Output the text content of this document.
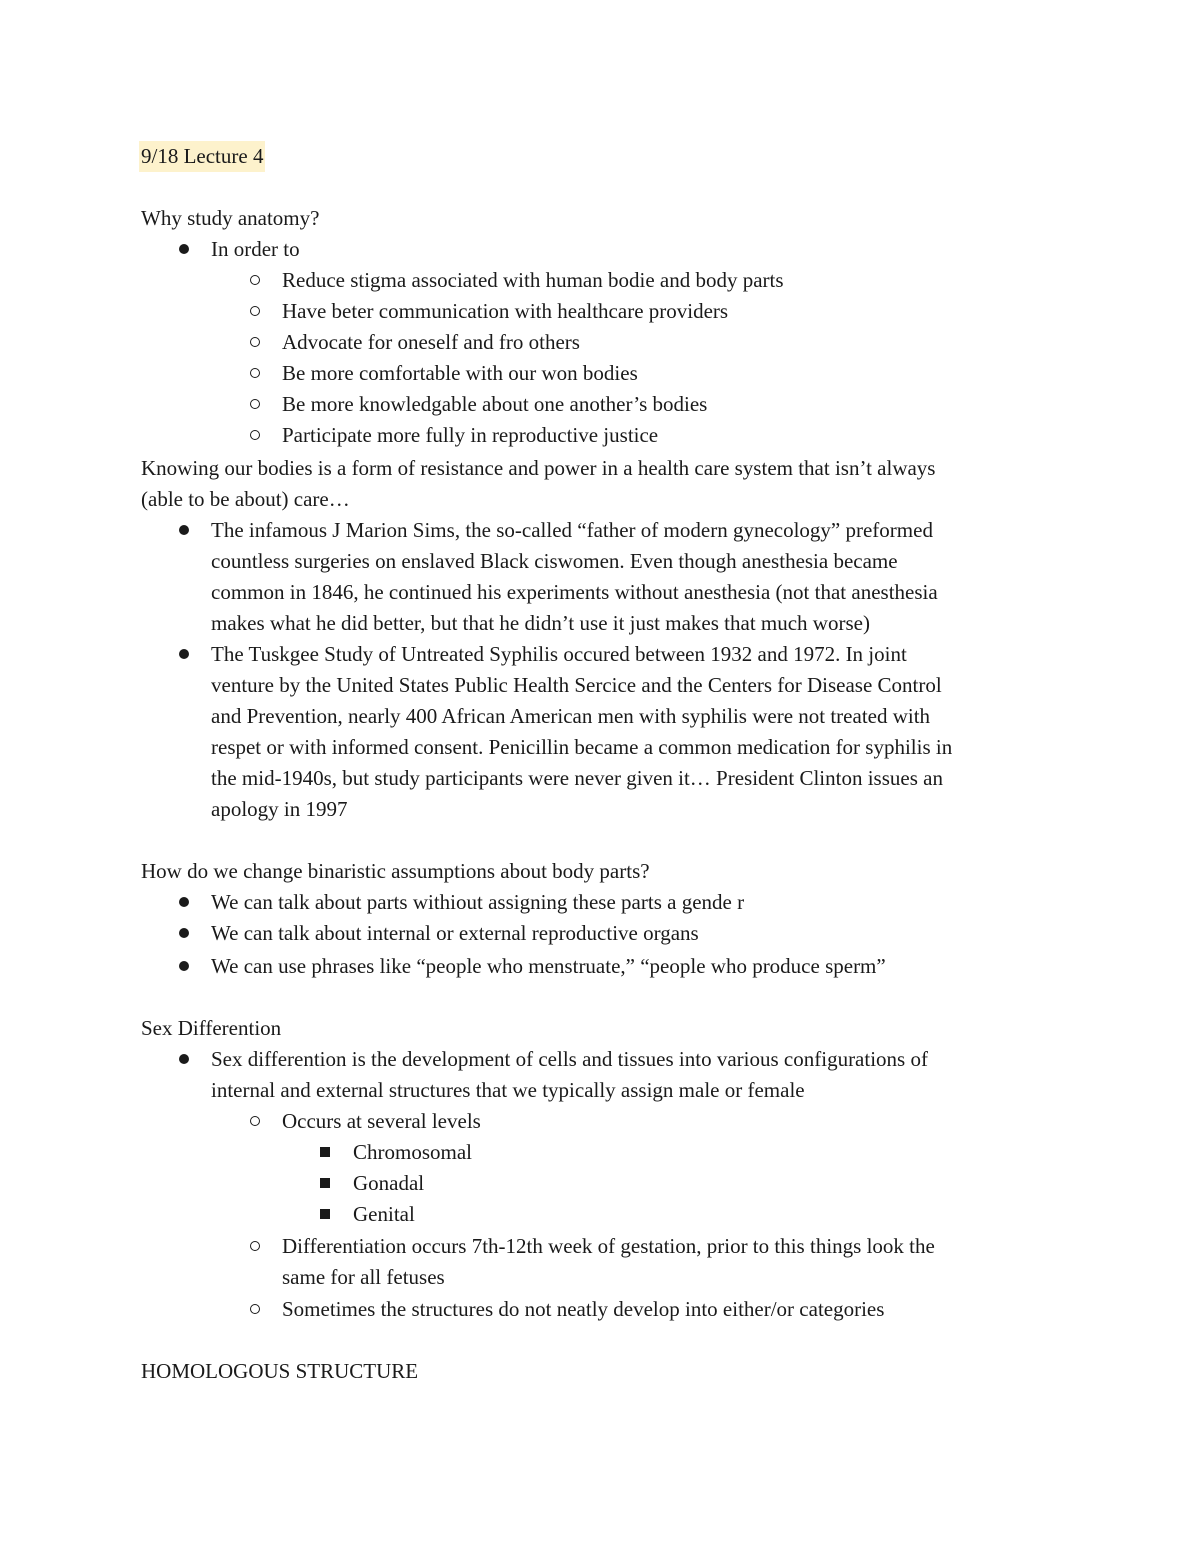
9/18 Lecture 4
Why study anatomy?
In order to
Reduce stigma associated with human bodie and body parts
Have beter communication with healthcare providers
Advocate for oneself and fro others
Be more comfortable with our won bodies
Be more knowledgable about one another’s bodies
Participate more fully in reproductive justice
Knowing our bodies is a form of resistance and power in a health care system that isn’t always
(able to be about) care…
The infamous J Marion Sims, the so-called “father of modern gynecology” preformed
countless surgeries on enslaved Black ciswomen. Even though anesthesia became
common in 1846, he continued his experiments without anesthesia (not that anesthesia
makes what he did better, but that he didn’t use it just makes that much worse)
The Tuskgee Study of Untreated Syphilis occured between 1932 and 1972. In joint
venture by the United States Public Health Sercice and the Centers for Disease Control
and Prevention, nearly 400 African American men with syphilis were not treated with
respet or with informed consent. Penicillin became a common medication for syphilis in
the mid-1940s, but study participants were never given it… President Clinton issues an
apology in 1997
How do we change binaristic assumptions about body parts?
We can talk about parts withiout assigning these parts a gende r
We can talk about internal or external reproductive organs
We can use phrases like “people who menstruate,” “people who produce sperm”
Sex Differention
Sex differention is the development of cells and tissues into various configurations of
internal and external structures that we typically assign male or female
Occurs at several levels
Chromosomal
Gonadal
Genital
Differentiation occurs 7th-12th week of gestation, prior to this things look the
same for all fetuses
Sometimes the structures do not neatly develop into either/or categories
HOMOLOGOUS STRUCTURE
